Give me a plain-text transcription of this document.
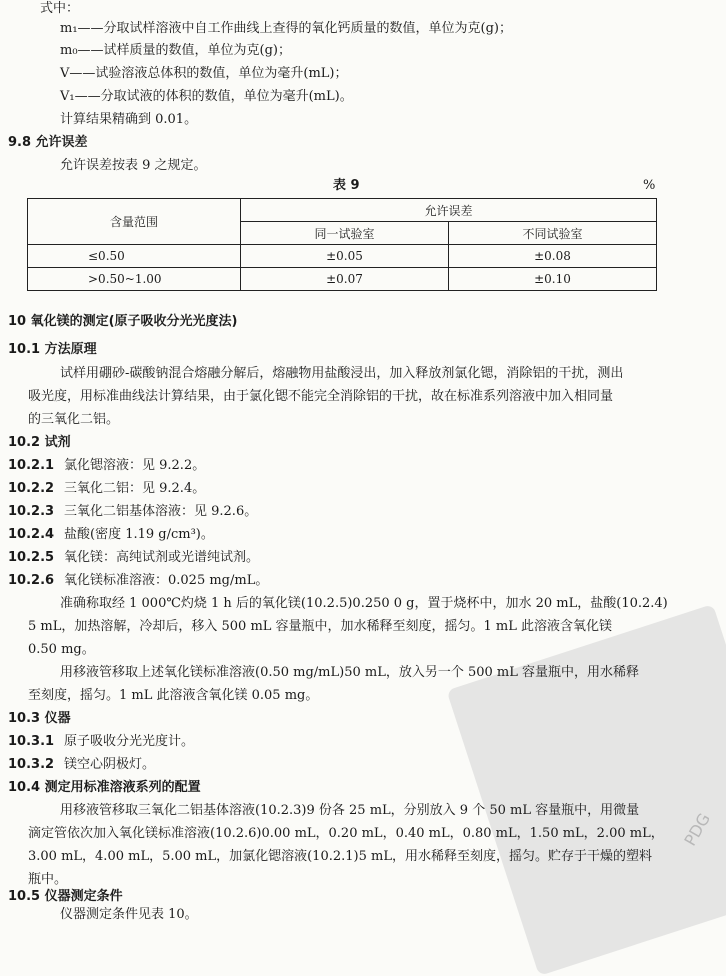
PDG
式中：
m₁——分取试样溶液中自工作曲线上查得的氧化钙质量的数值，单位为克(g)；
m₀——试样质量的数值，单位为克(g)；
V——试验溶液总体积的数值，单位为毫升(mL)；
V₁——分取试液的体积的数值，单位为毫升(mL)。
计算结果精确到 0.01。
9.8 允许误差
允许误差按表 9 之规定。
表 9	%
含量范围	允许误差	
	同一试验室	不同试验室
≤0.50	±0.05	±0.08
>0.50~1.00	±0.07	±0.10
10 氧化镁的测定(原子吸收分光光度法)
10.1 方法原理
试样用硼砂-碳酸钠混合熔融分解后，熔融物用盐酸浸出，加入释放剂氯化锶，消除铝的干扰，测出
吸光度，用标准曲线法计算结果，由于氯化锶不能完全消除铝的干扰，故在标准系列溶液中加入相同量
的三氧化二铝。
10.2 试剂
10.2.1 氯化锶溶液：见 9.2.2。
10.2.2 三氧化二铝：见 9.2.4。
10.2.3 三氧化二铝基体溶液：见 9.2.6。
10.2.4 盐酸(密度 1.19 g/cm³)。
10.2.5 氧化镁：高纯试剂或光谱纯试剂。
10.2.6 氧化镁标准溶液：0.025 mg/mL。
准确称取经 1 000℃灼烧 1 h 后的氧化镁(10.2.5)0.250 0 g，置于烧杯中，加水 20 mL，盐酸(10.2.4)
5 mL，加热溶解，冷却后，移入 500 mL 容量瓶中，加水稀释至刻度，摇匀。1 mL 此溶液含氧化镁
0.50 mg。
用移液管移取上述氧化镁标准溶液(0.50 mg/mL)50 mL，放入另一个 500 mL 容量瓶中，用水稀释
至刻度，摇匀。1 mL 此溶液含氧化镁 0.05 mg。
10.3 仪器
10.3.1 原子吸收分光光度计。
10.3.2 镁空心阴极灯。
10.4 测定用标准溶液系列的配置
用移液管移取三氧化二铝基体溶液(10.2.3)9 份各 25 mL，分别放入 9 个 50 mL 容量瓶中，用微量
滴定管依次加入氧化镁标准溶液(10.2.6)0.00 mL，0.20 mL，0.40 mL，0.80 mL，1.50 mL，2.00 mL，
3.00 mL，4.00 mL，5.00 mL，加氯化锶溶液(10.2.1)5 mL，用水稀释至刻度，摇匀。贮存于干燥的塑料
瓶中。
10.5 仪器测定条件
仪器测定条件见表 10。
